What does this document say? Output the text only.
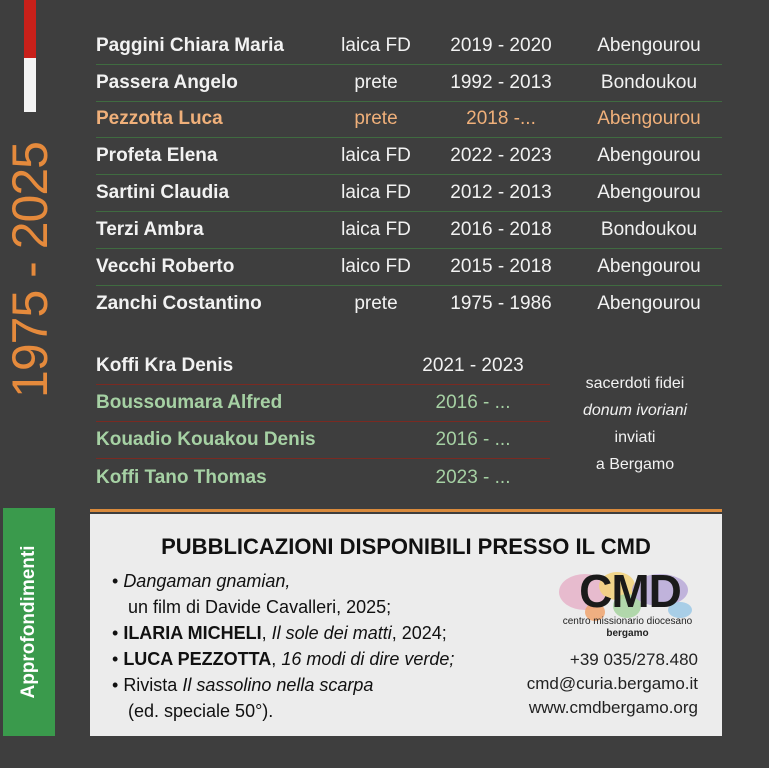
1975 - 2025
Approfondimenti
Paggini Chiara Maria	laica FD	2019 - 2020	Abengourou
Passera Angelo	prete	1992 - 2013	Bondoukou
Pezzotta Luca	prete	2018 -...	Abengourou
Profeta Elena	laica FD	2022 - 2023	Abengourou
Sartini Claudia	laica FD	2012 - 2013	Abengourou
Terzi Ambra	laica FD	2016 - 2018	Bondoukou
Vecchi Roberto	laico FD	2015 - 2018	Abengourou
Zanchi Costantino	prete	1975 - 1986	Abengourou
Koffi Kra Denis	2021 - 2023
Boussoumara Alfred	2016 - ...
Kouadio Kouakou Denis	2016 - ...
Koffi Tano Thomas	2023 - ...
sacerdoti fidei
donum ivoriani
inviati
a Bergamo
PUBBLICAZIONI DISPONIBILI PRESSO IL CMD
• Dangaman gnamian,
un film di Davide Cavalleri, 2025;
• ILARIA MICHELI, Il sole dei matti, 2024;
• LUCA PEZZOTTA, 16 modi di dire verde;
• Rivista Il sassolino nella scarpa
(ed. speciale 50°).
CMD
centro missionario diocesano
bergamo
+39 035/278.480
cmd@curia.bergamo.it
www.cmdbergamo.org
